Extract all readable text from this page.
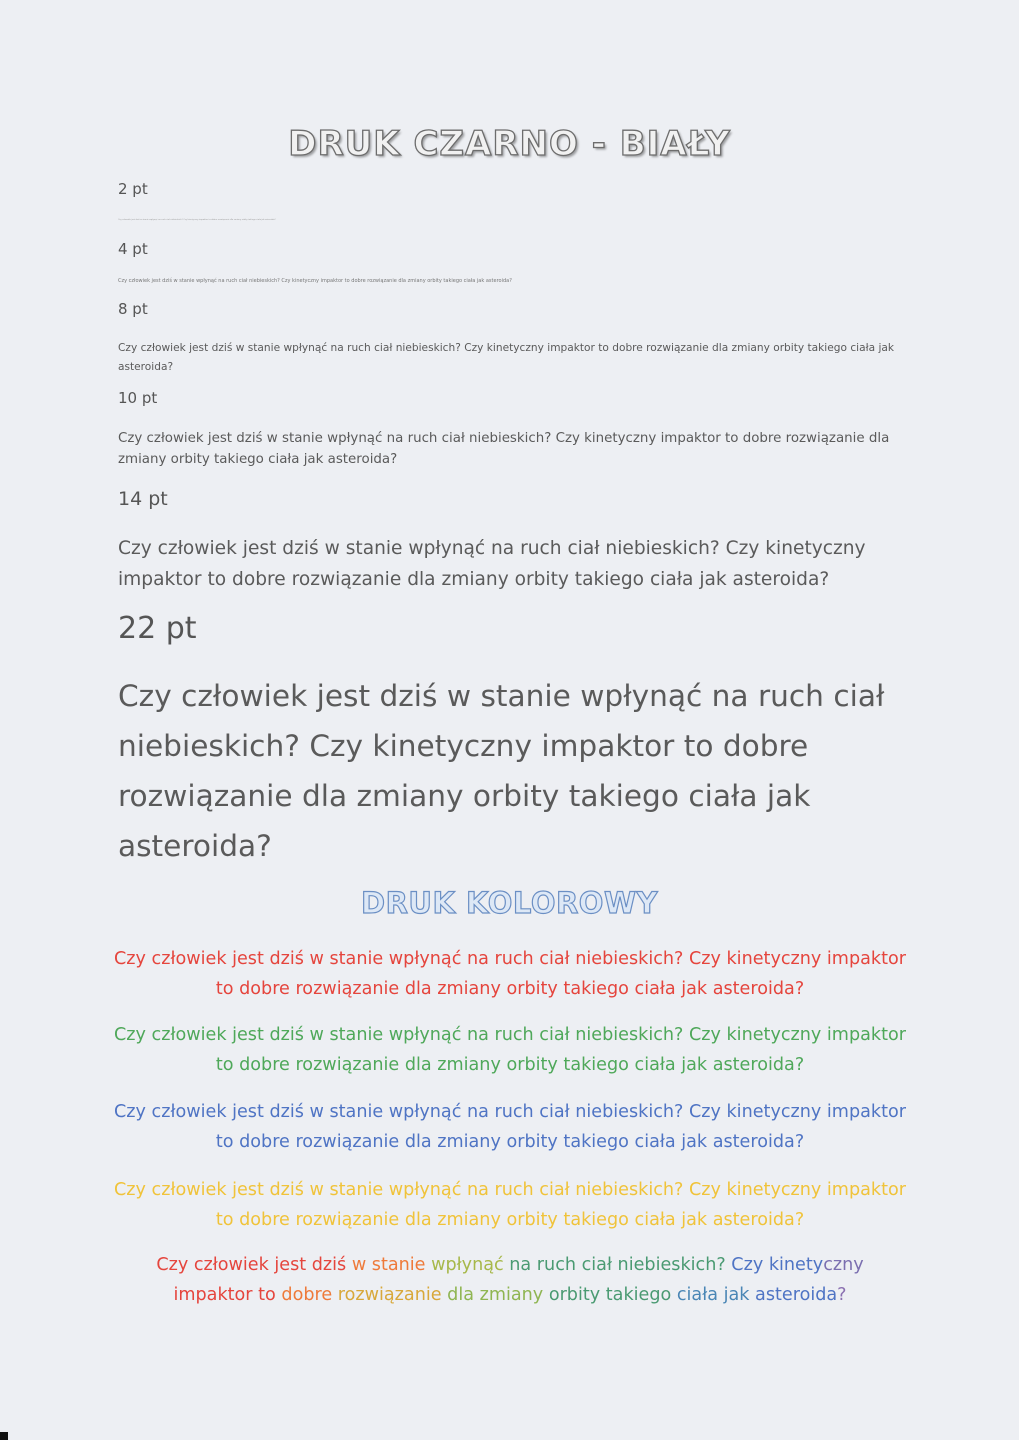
DRUK CZARNO - BIAŁY
2 pt

Czy człowiek jest dziś w stanie wpłynąć na ruch ciał niebieskich? Czy kinetyczny impaktor to dobre rozwiązanie dla zmiany orbity takiego ciała jak asteroida?

4 pt

Czy człowiek jest dziś w stanie wpłynąć na ruch ciał niebieskich? Czy kinetyczny impaktor to dobre rozwiązanie dla zmiany orbity takiego ciała jak asteroida?

8 pt

Czy człowiek jest dziś w stanie wpłynąć na ruch ciał niebieskich? Czy kinetyczny impaktor to dobre rozwiązanie dla zmiany orbity takiego ciała jak asteroida?

10 pt

Czy człowiek jest dziś w stanie wpłynąć na ruch ciał niebieskich? Czy kinetyczny impaktor to dobre rozwiązanie dla zmiany orbity takiego ciała jak asteroida?

14 pt

Czy człowiek jest dziś w stanie wpłynąć na ruch ciał niebieskich? Czy kinetyczny impaktor to dobre rozwiązanie dla zmiany orbity takiego ciała jak asteroida?

22 pt

Czy człowiek jest dziś w stanie wpłynąć na ruch ciał niebieskich? Czy kinetyczny impaktor to dobre rozwiązanie dla zmiany orbity takiego ciała jak asteroida?

DRUK KOLOROWY

Czy człowiek jest dziś w stanie wpłynąć na ruch ciał niebieskich? Czy kinetyczny impaktor to dobre rozwiązanie dla zmiany orbity takiego ciała jak asteroida?

Czy człowiek jest dziś w stanie wpłynąć na ruch ciał niebieskich? Czy kinetyczny impaktor to dobre rozwiązanie dla zmiany orbity takiego ciała jak asteroida?

Czy człowiek jest dziś w stanie wpłynąć na ruch ciał niebieskich? Czy kinetyczny impaktor to dobre rozwiązanie dla zmiany orbity takiego ciała jak asteroida?

Czy człowiek jest dziś w stanie wpłynąć na ruch ciał niebieskich? Czy kinetyczny impaktor to dobre rozwiązanie dla zmiany orbity takiego ciała jak asteroida?

Czy człowiek jest dziś w stanie wpłynąć na ruch ciał niebieskich? Czy kinetyczny
impaktor to dobre rozwiązanie dla zmiany orbity takiego ciała jak asteroida?
